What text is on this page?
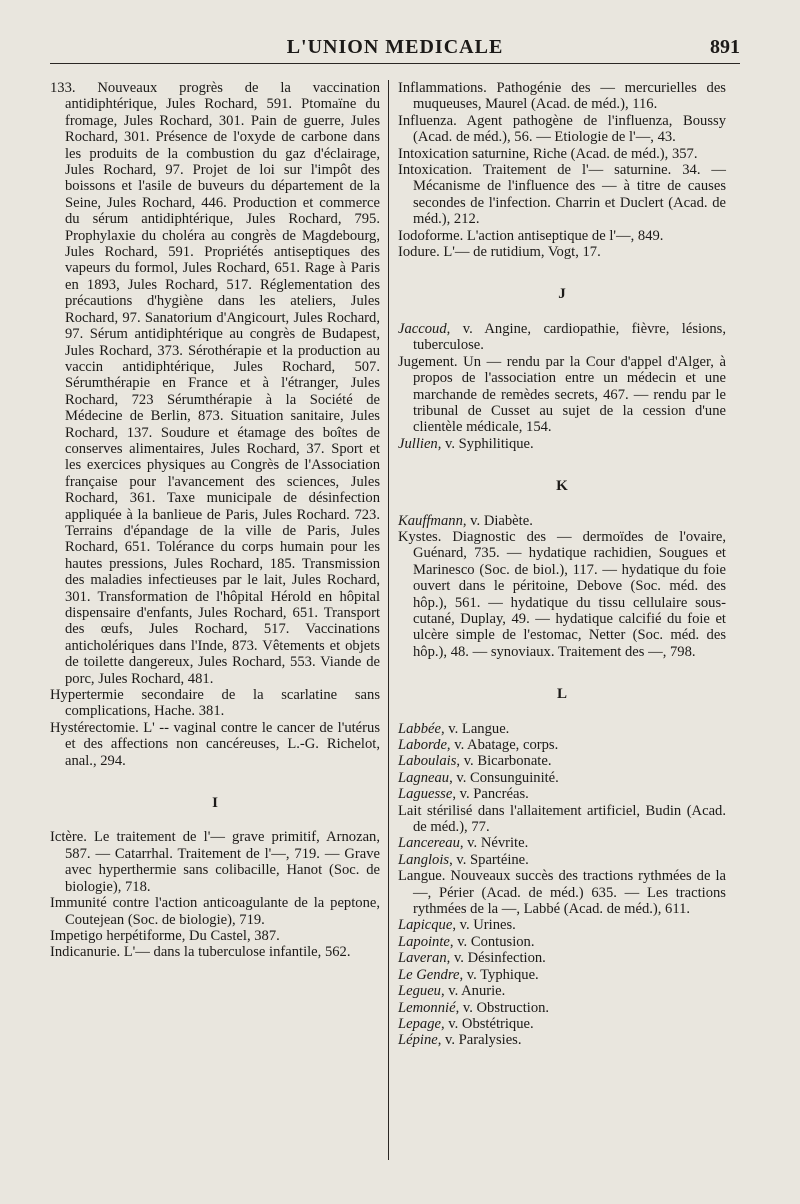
L'UNION MEDICALE	891
133. Nouveaux progrès de la vaccination antidiphtérique, Jules Rochard, 591. Ptomaïne du fromage, Jules Rochard, 301. Pain de guerre, Jules Rochard, 301. Présence de l'oxyde de carbone dans les produits de la combustion du gaz d'éclairage, Jules Rochard, 97. Projet de loi sur l'impôt des boissons et l'asile de buveurs du département de la Seine, Jules Rochard, 446. Production et commerce du sérum antidiphtérique, Jules Rochard, 795. Prophylaxie du choléra au congrès de Magdebourg, Jules Rochard, 591. Propriétés antiseptiques des vapeurs du formol, Jules Rochard, 651. Rage à Paris en 1893, Jules Rochard, 517. Réglementation des précautions d'hygiène dans les ateliers, Jules Rochard, 97. Sanatorium d'Angicourt, Jules Rochard, 97. Sérum antidiphtérique au congrès de Budapest, Jules Rochard, 373. Sérothérapie et la production au vaccin antidiphtérique, Jules Rochard, 507. Sérumthérapie en France et à l'étranger, Jules Rochard, 723 Sérumthérapie à la Société de Médecine de Berlin, 873. Situation sanitaire, Jules Rochard, 137. Soudure et étamage des boîtes de conserves alimentaires, Jules Rochard, 37. Sport et les exercices physiques au Congrès de l'Association française pour l'avancement des sciences, Jules Rochard, 361. Taxe municipale de désinfection appliquée à la banlieue de Paris, Jules Rochard. 723. Terrains d'épandage de la ville de Paris, Jules Rochard, 651. Tolérance du corps humain pour les hautes pressions, Jules Rochard, 185. Transmission des maladies infectieuses par le lait, Jules Rochard, 301. Transformation de l'hôpital Hérold en hôpital dispensaire d'enfants, Jules Rochard, 651. Transport des œufs, Jules Rochard, 517. Vaccinations anticholériques dans l'Inde, 873. Vêtements et objets de toilette dangereux, Jules Rochard, 553. Viande de porc, Jules Rochard, 481.
Hypertermie secondaire de la scarlatine sans complications, Hache. 381.
Hystérectomie. L' -- vaginal contre le cancer de l'utérus et des affections non cancéreuses, L.-G. Richelot, anal., 294.
I
Ictère. Le traitement de l'— grave primitif, Arnozan, 587. — Catarrhal. Traitement de l'—, 719. — Grave avec hyperthermie sans colibacille, Hanot (Soc. de biologie), 718.
Immunité contre l'action anticoagulante de la peptone, Coutejean (Soc. de biologie), 719.
Impetigo herpétiforme, Du Castel, 387.
Indicanurie. L'— dans la tuberculose infantile, 562.
Inflammations. Pathogénie des — mercurielles des muqueuses, Maurel (Acad. de méd.), 116.
Influenza. Agent pathogène de l'influenza, Boussy (Acad. de méd.), 56. — Etiologie de l'—, 43.
Intoxication saturnine, Riche (Acad. de méd.), 357.
Intoxication. Traitement de l'— saturnine. 34. — Mécanisme de l'influence des — à titre de causes secondes de l'infection. Charrin et Duclert (Acad. de méd.), 212.
Iodoforme. L'action antiseptique de l'—, 849.
Iodure. L'— de rutidium, Vogt, 17.
J
Jaccoud, v. Angine, cardiopathie, fièvre, lésions, tuberculose.
Jugement. Un — rendu par la Cour d'appel d'Alger, à propos de l'association entre un médecin et une marchande de remèdes secrets, 467. — rendu par le tribunal de Cusset au sujet de la cession d'une clientèle médicale, 154.
Jullien, v. Syphilitique.
K
Kauffmann, v. Diabète.
Kystes. Diagnostic des — dermoïdes de l'ovaire, Guénard, 735. — hydatique rachidien, Sougues et Marinesco (Soc. de biol.), 117. — hydatique du foie ouvert dans le péritoine, Debove (Soc. méd. des hôp.), 561. — hydatique du tissu cellulaire sous-cutané, Duplay, 49. — hydatique calcifié du foie et ulcère simple de l'estomac, Netter (Soc. méd. des hôp.), 48. — synoviaux. Traitement des —, 798.
L
Labbée, v. Langue.
Laborde, v. Abatage, corps.
Laboulais, v. Bicarbonate.
Lagneau, v. Consunguinité.
Laguesse, v. Pancréas.
Lait stérilisé dans l'allaitement artificiel, Budin (Acad. de méd.), 77.
Lancereau, v. Névrite.
Langlois, v. Spartéine.
Langue. Nouveaux succès des tractions rythmées de la —, Périer (Acad. de méd.) 635. — Les tractions rythmées de la —, Labbé (Acad. de méd.), 611.
Lapicque, v. Urines.
Lapointe, v. Contusion.
Laveran, v. Désinfection.
Le Gendre, v. Typhique.
Legueu, v. Anurie.
Lemonnié, v. Obstruction.
Lepage, v. Obstétrique.
Lépine, v. Paralysies.
